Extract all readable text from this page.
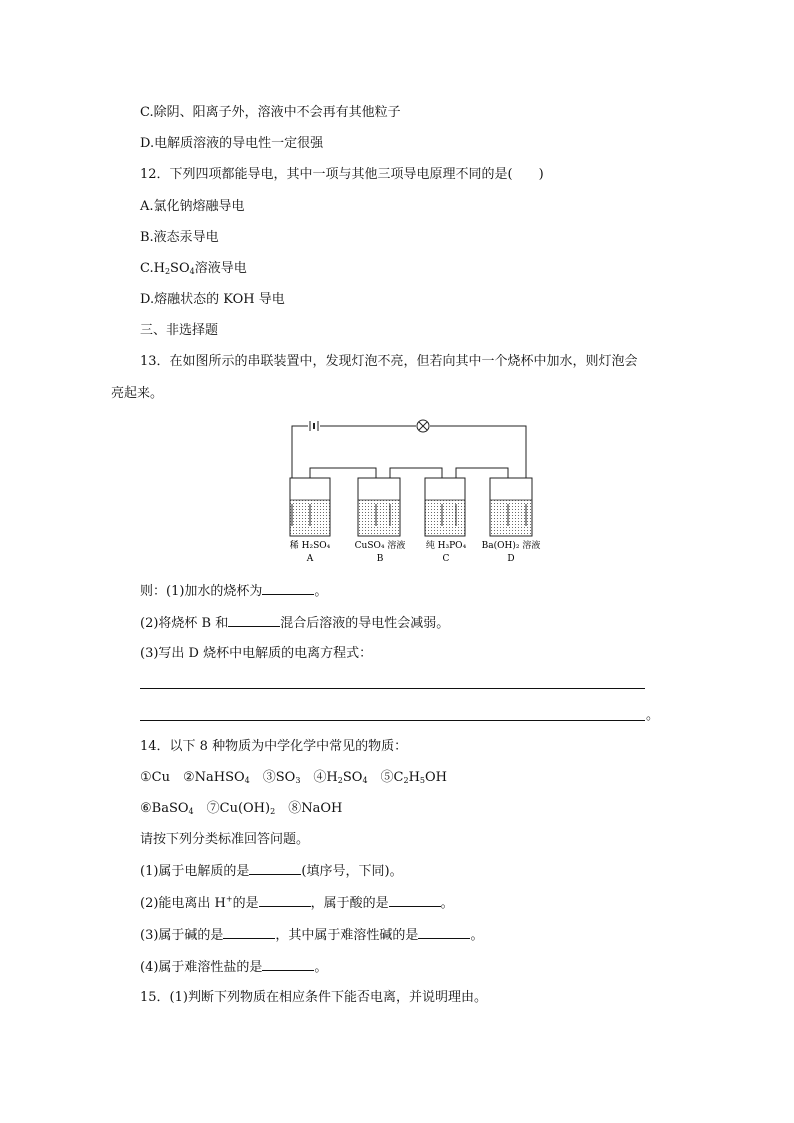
C.除阴、阳离子外，溶液中不会再有其他粒子
D.电解质溶液的导电性一定很强
12．下列四项都能导电，其中一项与其他三项导电原理不同的是(　　)
A.氯化钠熔融导电
B.液态汞导电
$C.H_2SO_4$溶液导电
D.熔融状态的 KOH 导电
三、非选择题
13．在如图所示的串联装置中，发现灯泡不亮，但若向其中一个烧杯中加水，则灯泡会
亮起来。
稀 H₂SO₄
A
CuSO₄ 溶液
B
纯 H₃PO₄
C
Ba(OH)₂ 溶液
D
则：(1)加水的烧杯为	。
(2)将烧杯 B 和	混合后溶液的导电性会减弱。
(3)写出 D 烧杯中电解质的电离方程式：
。
14．以下 8 种物质为中学化学中常见的物质：
①Cu　②NaHSO$_4$　$③SO_3$　$④H_2SO_4$　$⑤C_2H_5OH$
⑥BaSO$_4$　$⑦Cu(OH)_2$　⑧NaOH
请按下列分类标准回答问题。
(1)属于电解质的是	(填序号，下同)。
(2)能电离出 H+的是	，属于酸的是	。
(3)属于碱的是	，其中属于难溶性碱的是	。
(4)属于难溶性盐的是	。
15．(1)判断下列物质在相应条件下能否电离，并说明理由。
